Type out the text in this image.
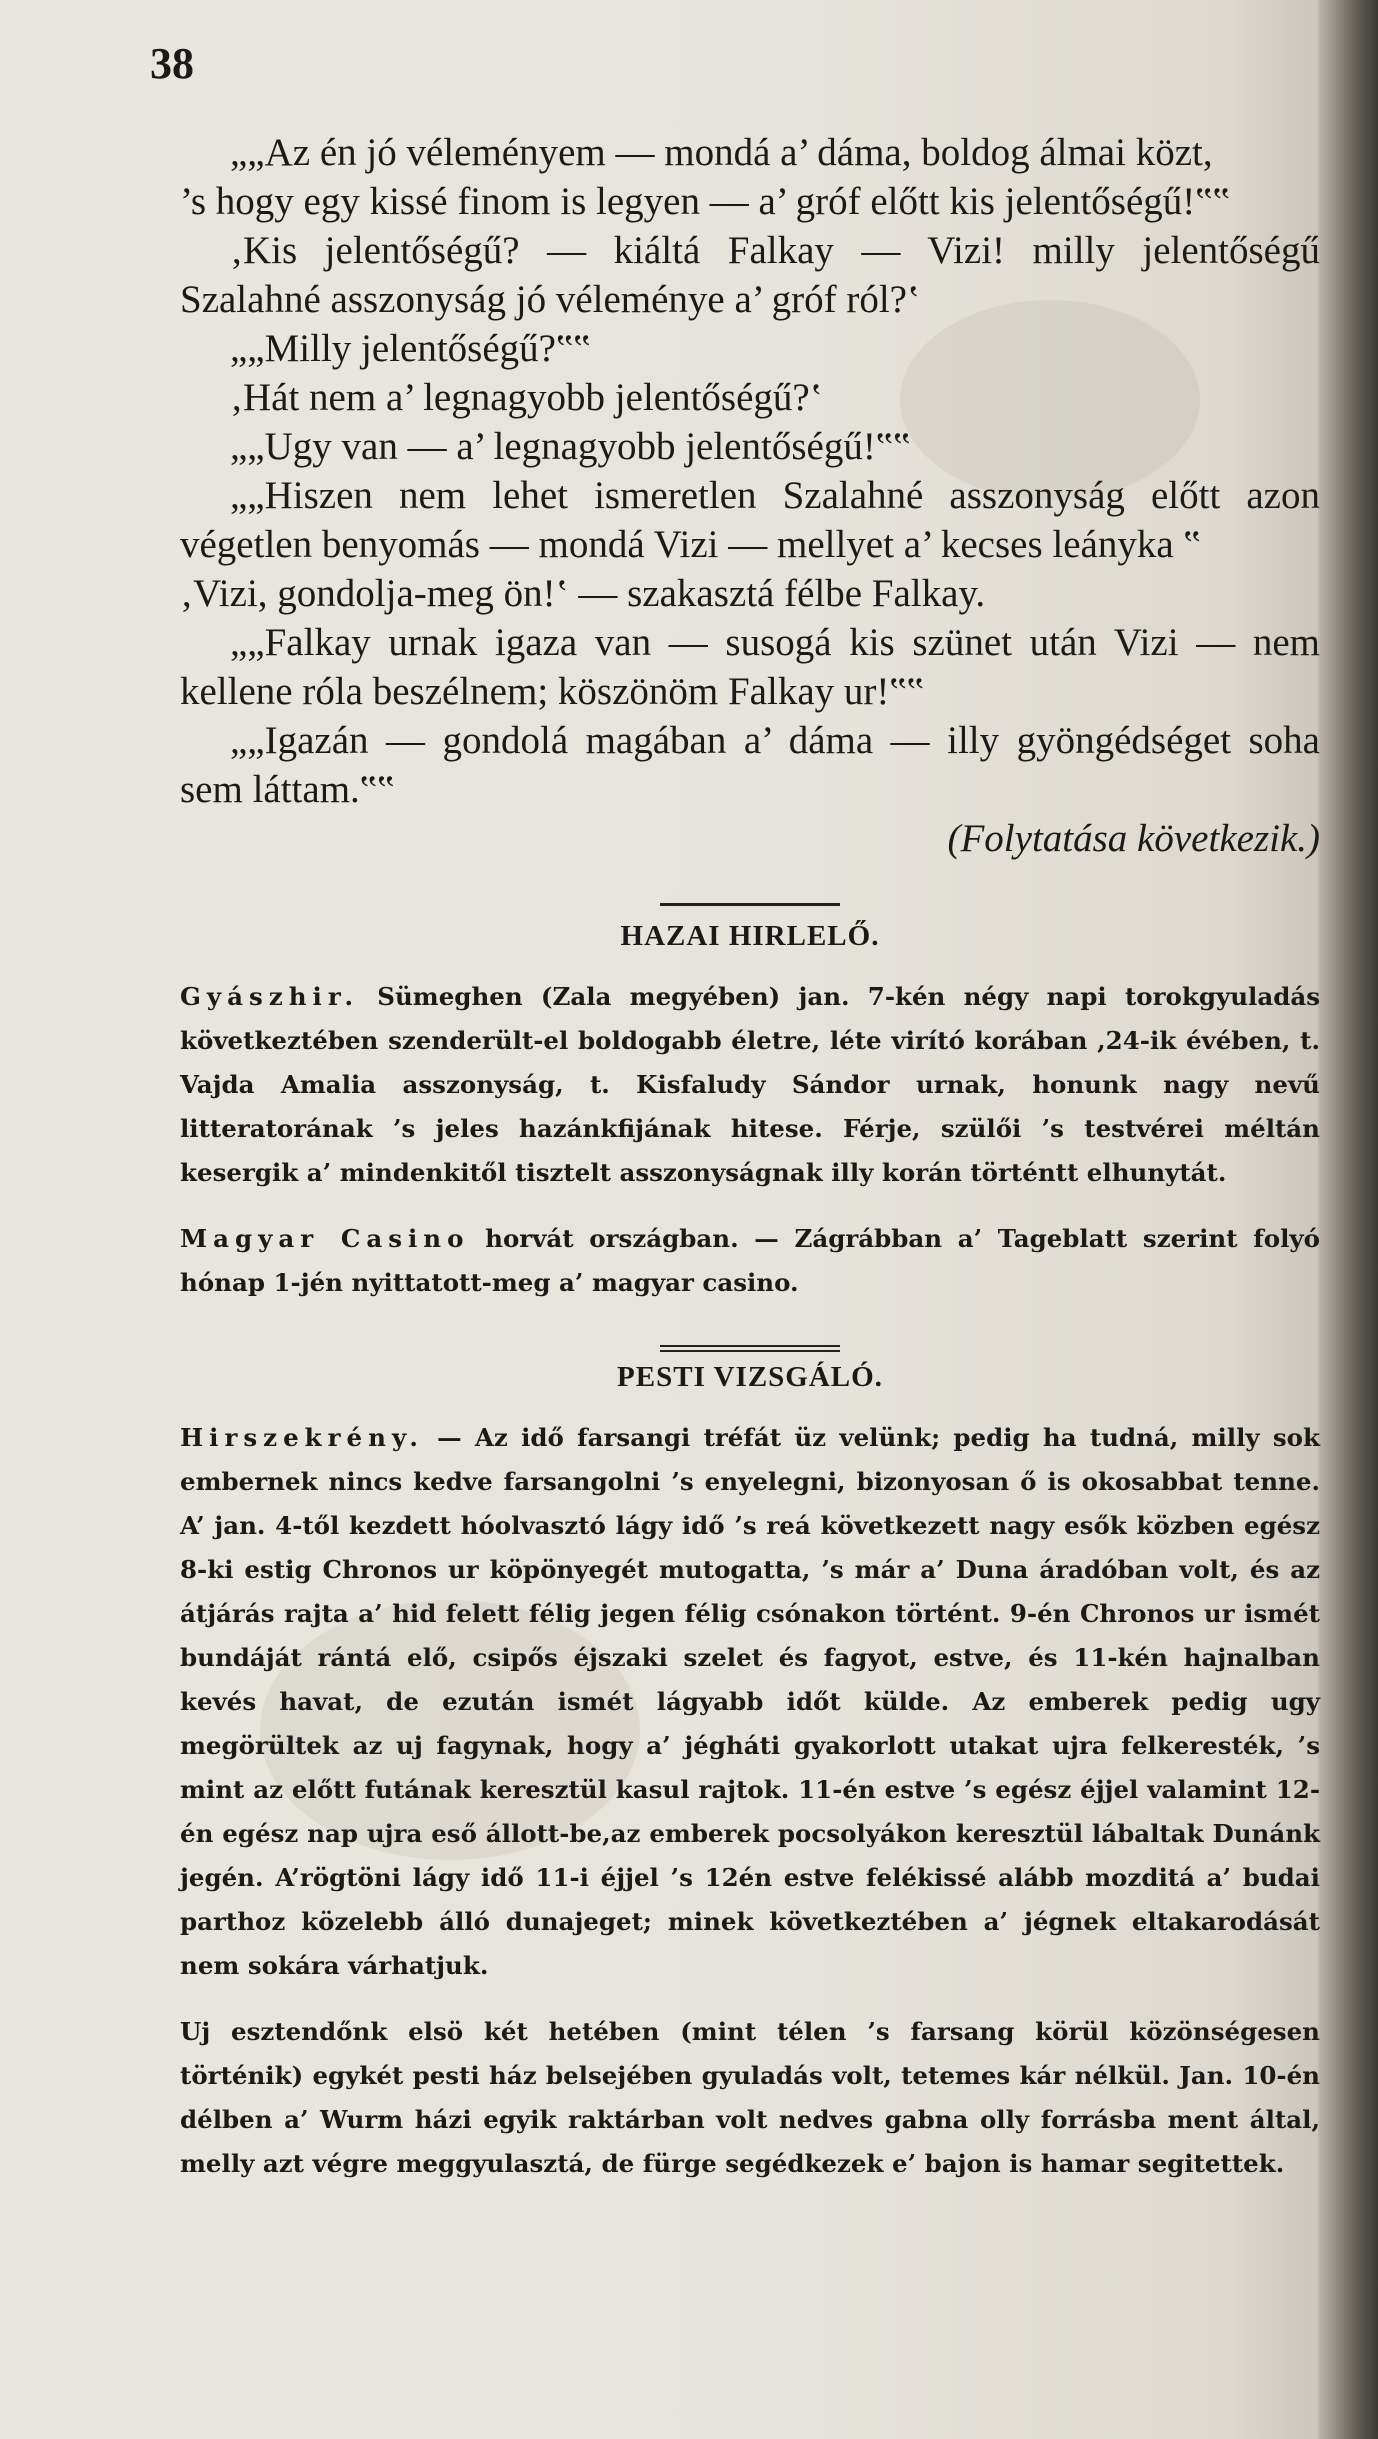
38

„„Az én jó véleményem — mondá a’ dáma, boldog álmai közt,

’s hogy egy kissé finom is legyen — a’ gróf előtt kis jelentőségű!‟‟

‚Kis jelentőségű? — kiáltá Falkay — Vizi! milly jelentőségű Szalahné asszonyság jó véleménye a’ gróf ról?‛

„„Milly jelentőségű?‟‟

‚Hát nem a’ legnagyobb jelentőségű?‛

„„Ugy van — a’ legnagyobb jelentőségű!‟‟

„„Hiszen nem lehet ismeretlen Szalahné asszonyság előtt azon végetlen benyomás — mondá Vizi — mellyet a’ kecses leányka ‟

‚Vizi, gondolja-meg ön!‛ — szakasztá félbe Falkay.

„„Falkay urnak igaza van — susogá kis szünet után Vizi — nem kellene róla beszélnem; köszönöm Falkay ur!‟‟

„„Igazán — gondolá magában a’ dáma — illy gyöngédséget soha sem láttam.‟‟

(Folytatása következik.)

HAZAI HIRLELŐ.

Gyászhir. Sümeghen (Zala megyében) jan. 7-kén négy napi torokgyuladás következtében szenderült-el boldogabb életre, léte virító korában ,24-ik évében, t. Vajda Amalia asszonyság, t. Kisfaludy Sándor urnak, honunk nagy nevű litteratorának ’s jeles hazánkfijának hitese. Férje, szülői ’s testvérei méltán kesergik a’ mindenkitől tisztelt asszonyságnak illy korán történtt elhunytát.

Magyar Casino horvát országban. — Zágrábban a’ Tageblatt szerint folyó hónap 1-jén nyittatott-meg a’ magyar casino.

PESTI VIZSGÁLÓ.

Hirszekrény. — Az idő farsangi tréfát üz velünk; pedig ha tudná, milly sok embernek nincs kedve farsangolni ’s enyelegni, bizonyosan ő is okosabbat tenne. A’ jan. 4-től kezdett hóolvasztó lágy idő ’s reá következett nagy esők közben egész 8-ki estig Chronos ur köpönyegét mutogatta, ’s már a’ Duna áradóban volt, és az átjárás rajta a’ hid felett félig jegen félig csónakon történt. 9-én Chronos ur ismét bundáját rántá elő, csipős éjszaki szelet és fagyot, estve, és 11-kén hajnalban kevés havat, de ezután ismét lágyabb időt külde. Az emberek pedig ugy megörültek az uj fagynak, hogy a’ jégháti gyakorlott utakat ujra felkeresték, ’s mint az előtt futának keresztül kasul rajtok. 11-én estve ’s egész éjjel valamint 12-én egész nap ujra eső állott-be,az emberek pocsolyákon keresztül lábaltak Dunánk jegén. A’rögtöni lágy idő 11-i éjjel ’s 12én estve felékissé alább mozditá a’ budai parthoz közelebb álló dunajeget; minek következtében a’ jégnek eltakarodását nem sokára várhatjuk.

Uj esztendőnk elsö két hetében (mint télen ’s farsang körül közönségesen történik) egykét pesti ház belsejében gyuladás volt, tetemes kár nélkül. Jan. 10-én délben a’ Wurm házi egyik raktárban volt nedves gabna olly forrásba ment által, melly azt végre meggyulasztá, de fürge segédkezek e’ bajon is hamar segitettek.
